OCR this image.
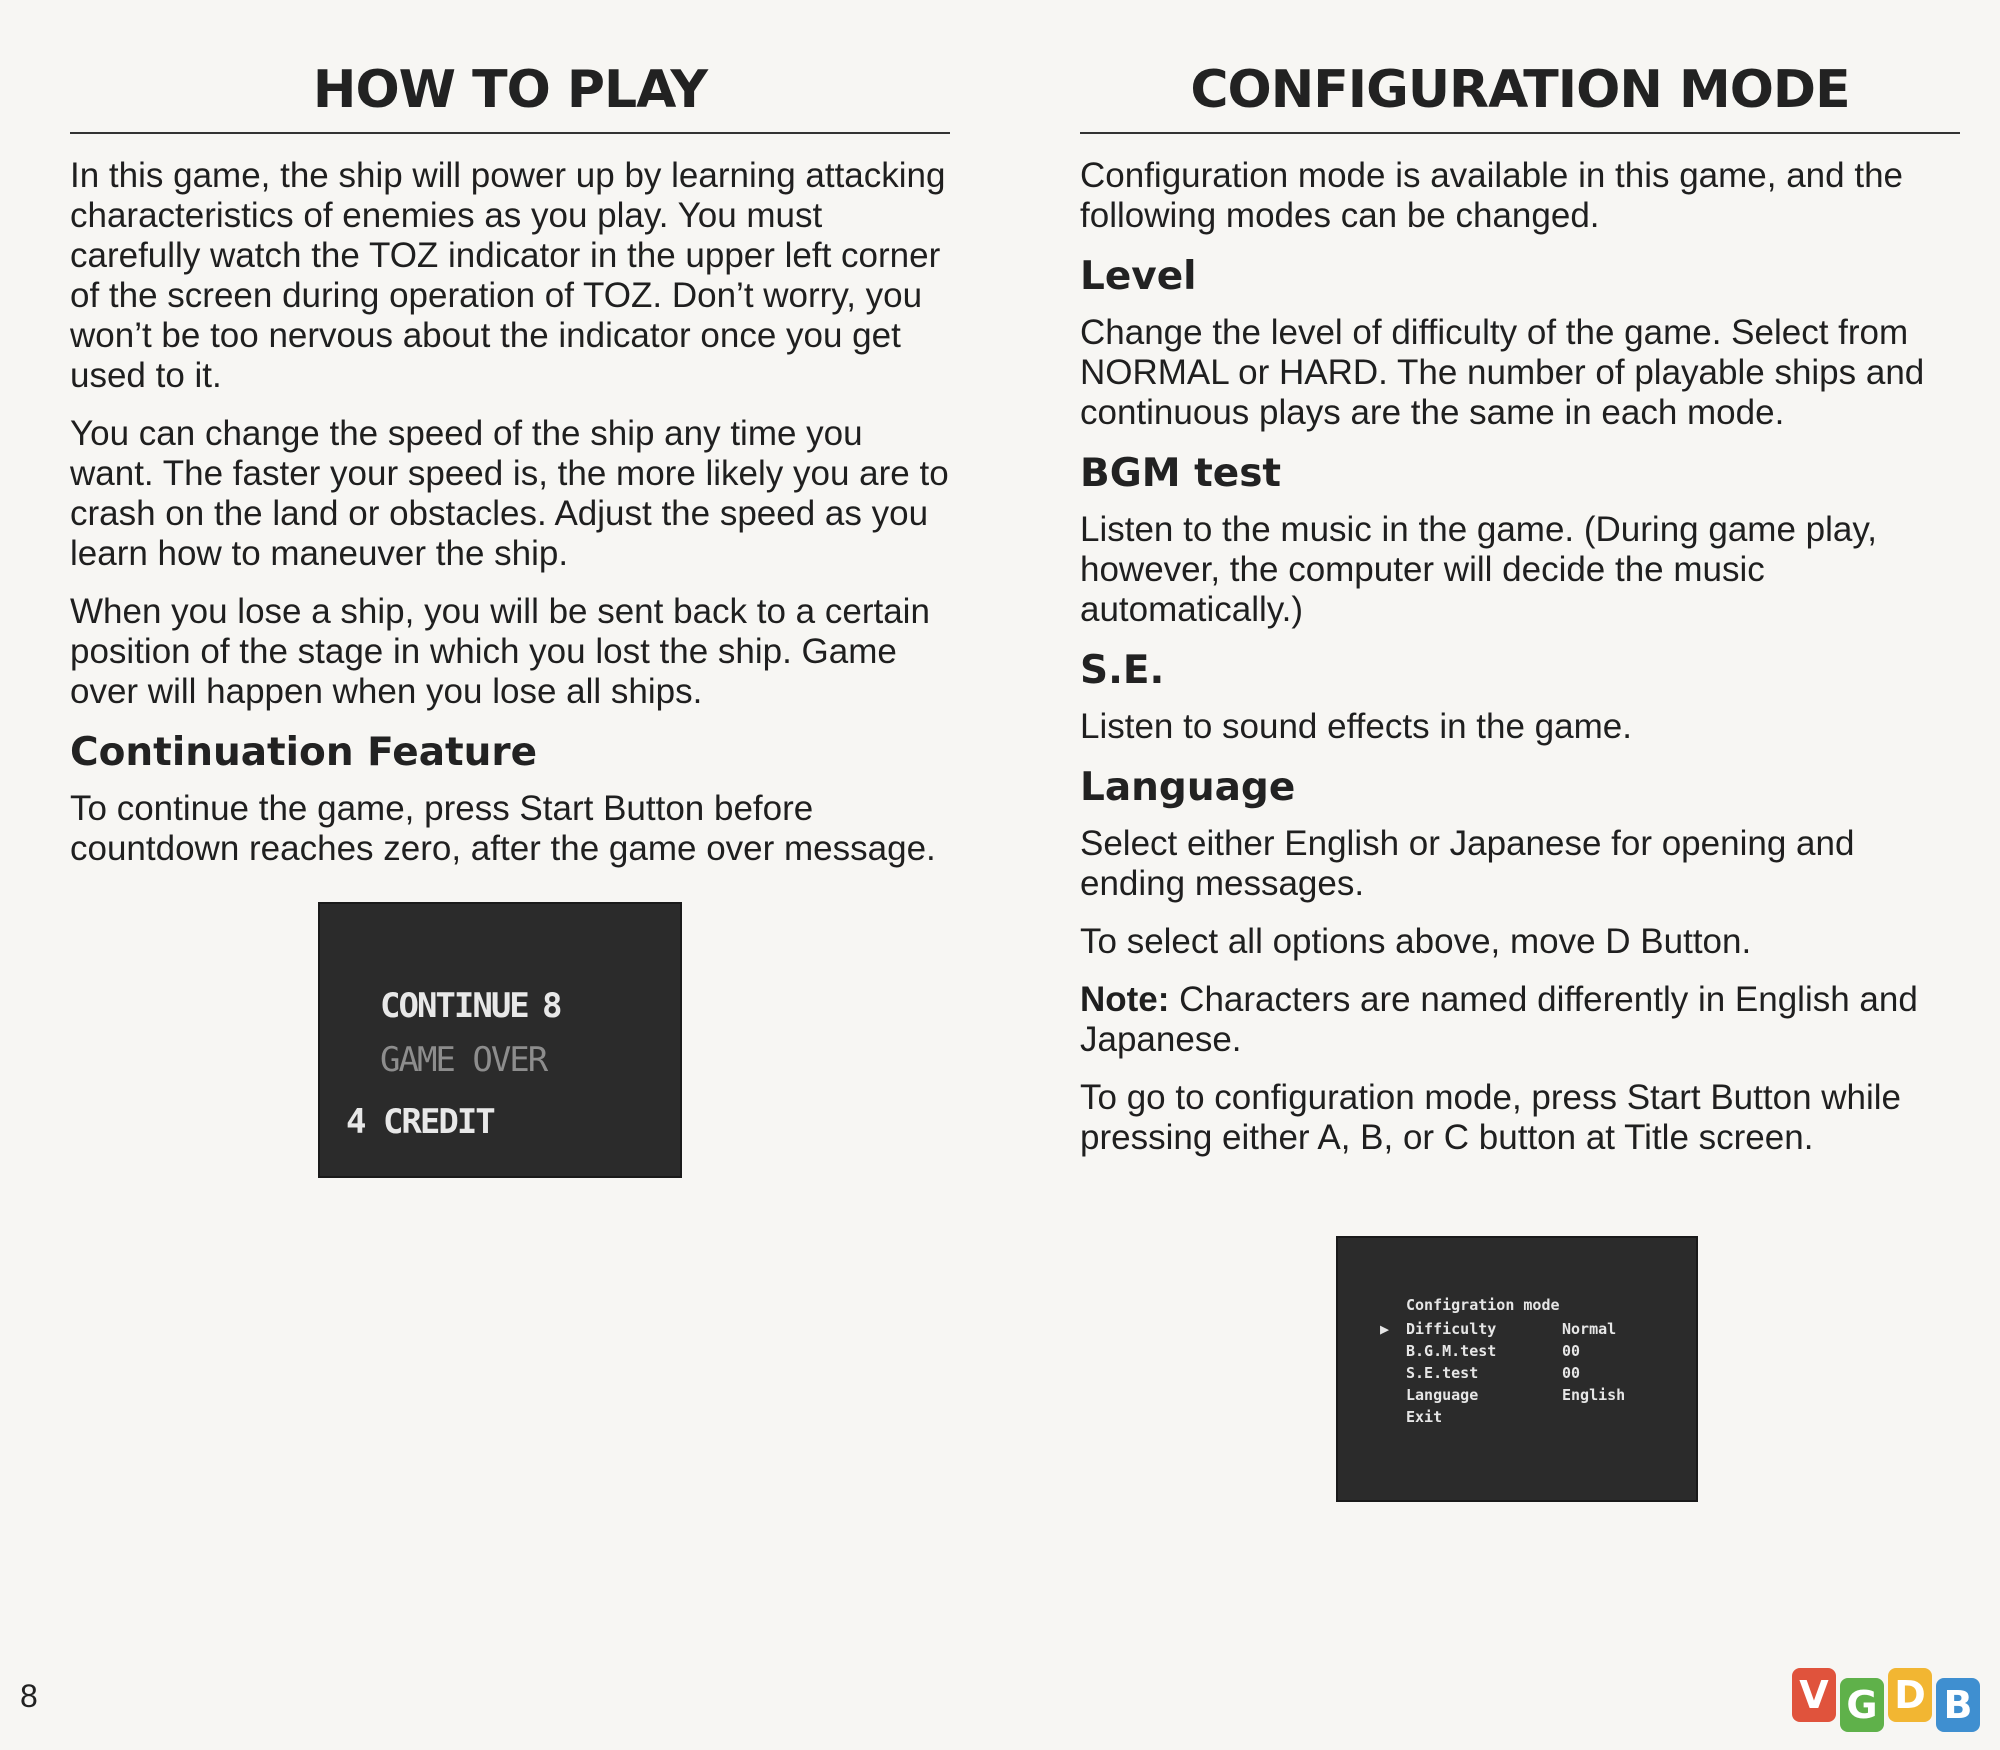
HOW TO PLAY

In this game, the ship will power up by learning attacking characteristics of enemies as you play. You must carefully watch the TOZ indicator in the upper left corner of the screen during operation of TOZ. Don’t worry, you won’t be too nervous about the indicator once you get used to it.

You can change the speed of the ship any time you want. The faster your speed is, the more likely you are to crash on the land or obstacles. Adjust the speed as you learn how to maneuver the ship.

When you lose a ship, you will be sent back to a certain position of the stage in which you lost the ship. Game over will happen when you lose all ships.

Continuation Feature

To continue the game, press Start Button before countdown reaches zero, after the game over message.

CONTINUE 8
GAME OVER
4 CREDIT
CONFIGURATION MODE

Configuration mode is available in this game, and the following modes can be changed.

Level

Change the level of difficulty of the game. Select from NORMAL or HARD. The number of playable ships and continuous plays are the same in each mode.

BGM test

Listen to the music in the game. (During game play, however, the computer will decide the music automatically.)

S.E.

Listen to sound effects in the game.

Language

Select either English or Japanese for opening and ending messages.

To select all options above, move D Button.

Note: Characters are named differently in English and Japanese.

To go to configuration mode, press Start Button while pressing either A, B, or C button at Title screen.

Configration mode
▶ Difficulty	Normal
B.G.M.test	00
S.E.test	00
Language	English
Exit
8	V G D B
